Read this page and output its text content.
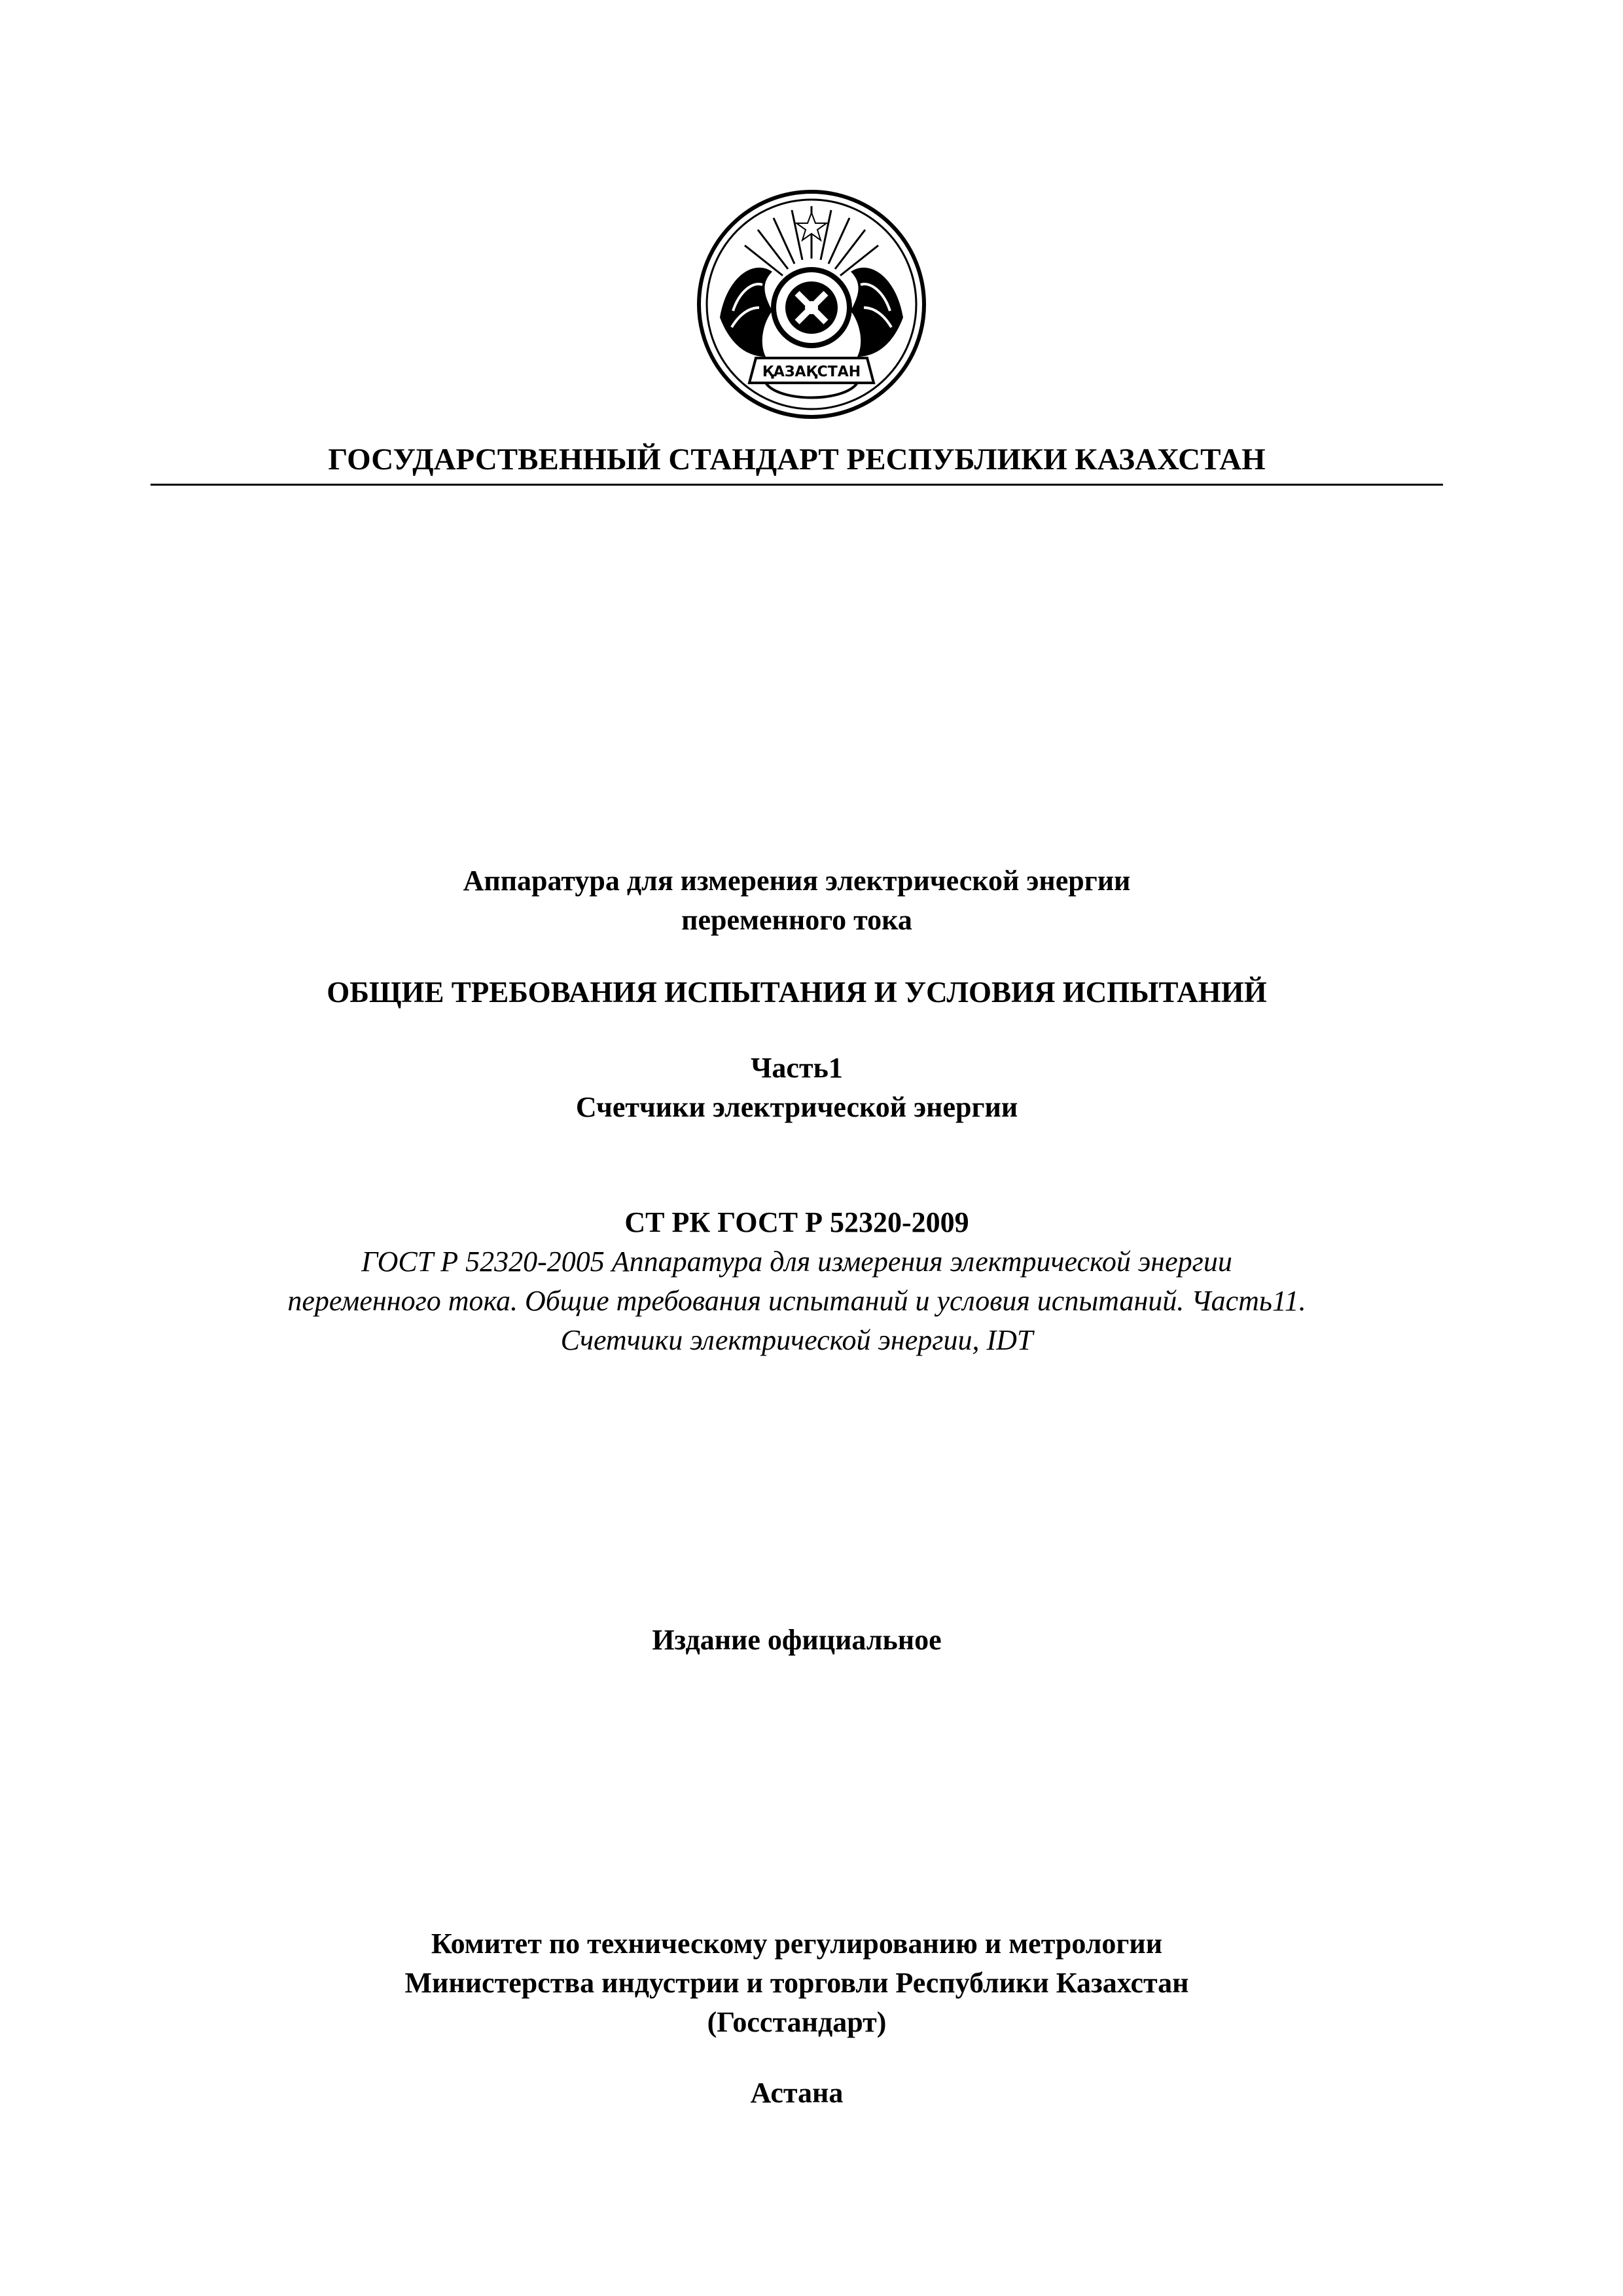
ҚАЗАҚСТАН
ГОСУДАРСТВЕННЫЙ СТАНДАРТ РЕСПУБЛИКИ КАЗАХСТАН
Аппаратура для измерения электрической энергии
переменного тока
ОБЩИЕ ТРЕБОВАНИЯ ИСПЫТАНИЯ И УСЛОВИЯ ИСПЫТАНИЙ
Часть1
Счетчики электрической энергии
СТ РК ГОСТ Р 52320-2009
ГОСТ Р 52320-2005 Аппаратура для измерения электрической энергии
переменного тока. Общие требования испытаний и условия испытаний. Часть11.
Счетчики электрической энергии, IDT
Издание официальное
Комитет по техническому регулированию и метрологии
Министерства индустрии и торговли Республики Казахстан
(Госстандарт)
Астана
